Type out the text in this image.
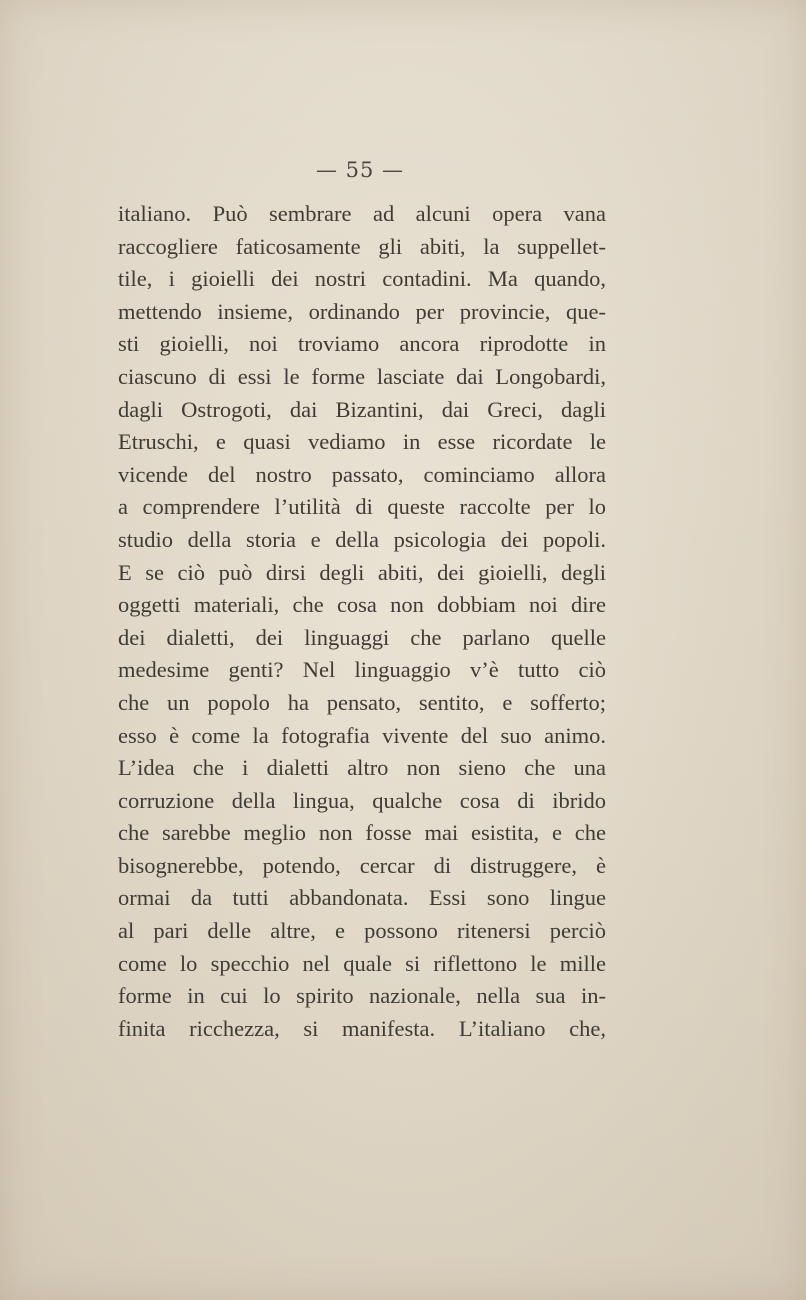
— 55 —
italiano. Può sembrare ad alcuni opera vana
raccogliere faticosamente gli abiti, la suppellet-
tile, i gioielli dei nostri contadini. Ma quando,
mettendo insieme, ordinando per provincie, que-
sti gioielli, noi troviamo ancora riprodotte in
ciascuno di essi le forme lasciate dai Longobardi,
dagli Ostrogoti, dai Bizantini, dai Greci, dagli
Etruschi, e quasi vediamo in esse ricordate le
vicende del nostro passato, cominciamo allora
a comprendere l’utilità di queste raccolte per lo
studio della storia e della psicologia dei popoli.
E se ciò può dirsi degli abiti, dei gioielli, degli
oggetti materiali, che cosa non dobbiam noi dire
dei dialetti, dei linguaggi che parlano quelle
medesime genti? Nel linguaggio v’è tutto ciò
che un popolo ha pensato, sentito, e sofferto;
esso è come la fotografia vivente del suo animo.
L’idea che i dialetti altro non sieno che una
corruzione della lingua, qualche cosa di ibrido
che sarebbe meglio non fosse mai esistita, e che
bisognerebbe, potendo, cercar di distruggere, è
ormai da tutti abbandonata. Essi sono lingue
al pari delle altre, e possono ritenersi perciò
come lo specchio nel quale si riflettono le mille
forme in cui lo spirito nazionale, nella sua in-
finita ricchezza, si manifesta. L’italiano che,
